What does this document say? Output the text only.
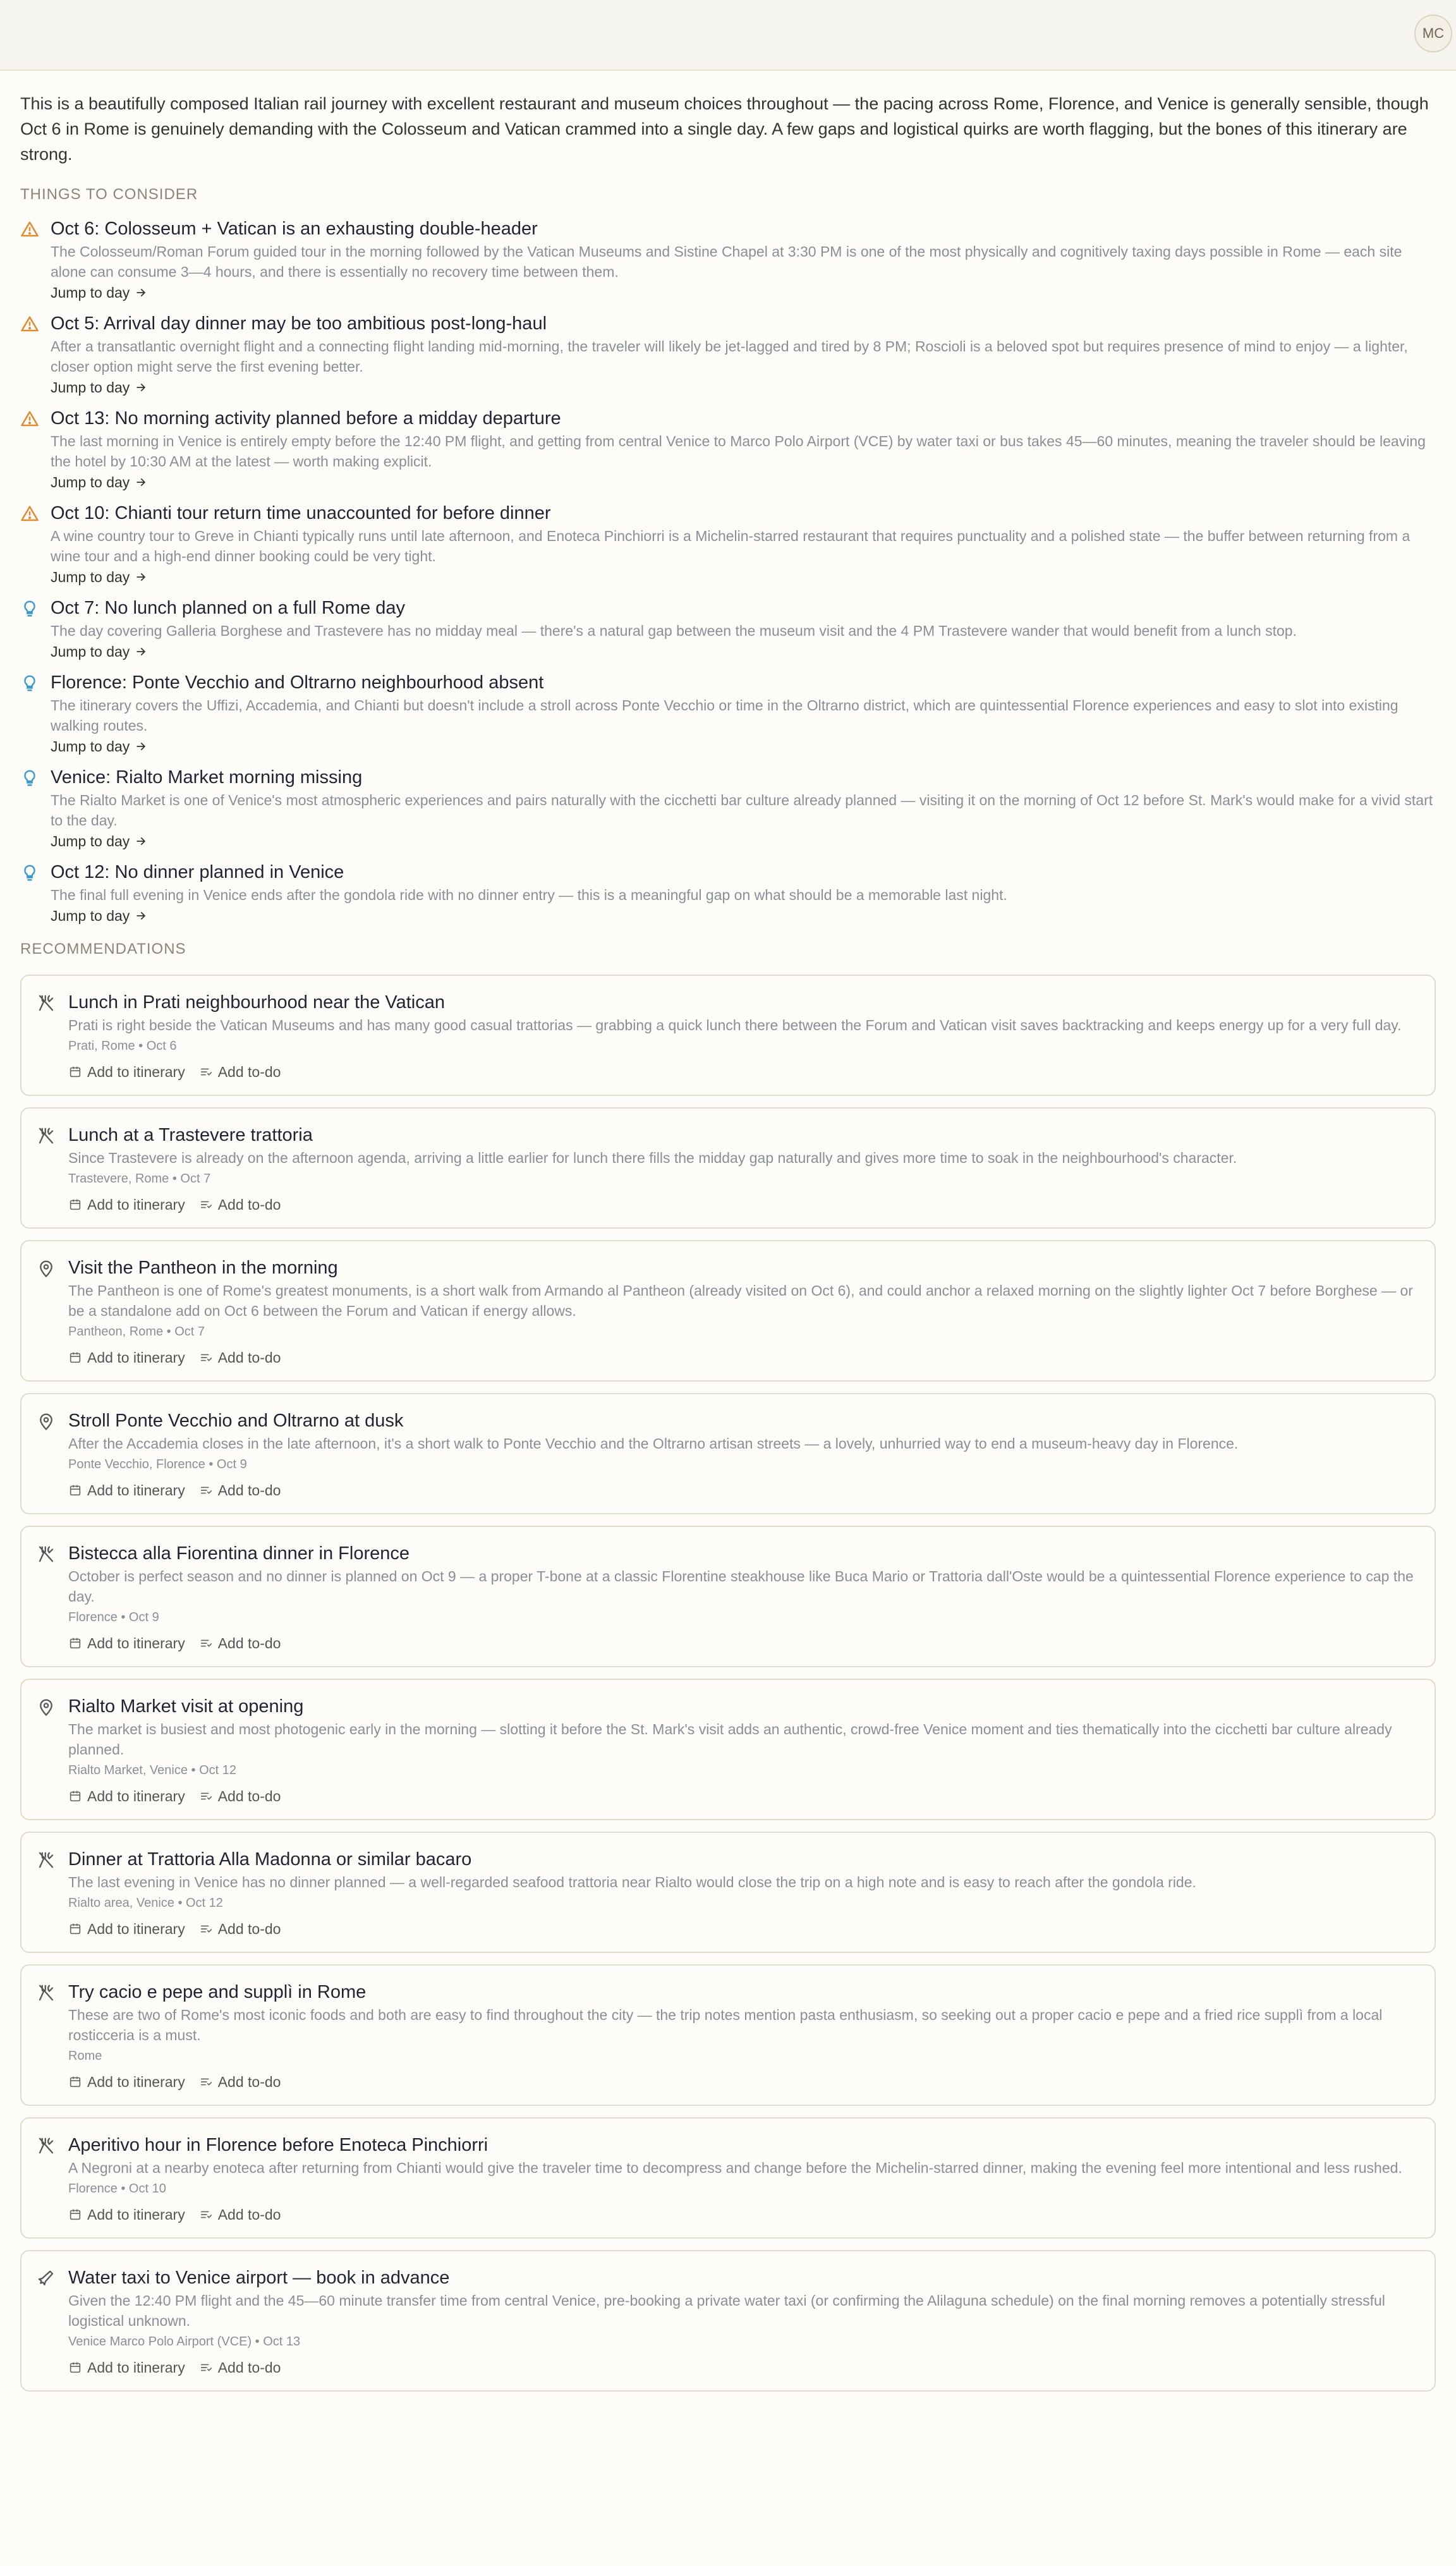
MC

This is a beautifully composed Italian rail journey with excellent restaurant and museum choices throughout — the pacing across Rome, Florence, and Venice is generally sensible, though Oct 6 in Rome is genuinely demanding with the Colosseum and Vatican crammed into a single day. A few gaps and logistical quirks are worth flagging, but the bones of this itinerary are strong.

THINGS TO CONSIDER
Oct 6: Colosseum + Vatican is an exhausting double-header
The Colosseum/Roman Forum guided tour in the morning followed by the Vatican Museums and Sistine Chapel at 3:30 PM is one of the most physically and cognitively taxing days possible in Rome — each site alone can consume 3—4 hours, and there is essentially no recovery time between them.
Jump to day
Oct 5: Arrival day dinner may be too ambitious post-long-haul
After a transatlantic overnight flight and a connecting flight landing mid-morning, the traveler will likely be jet-lagged and tired by 8 PM; Roscioli is a beloved spot but requires presence of mind to enjoy — a lighter, closer option might serve the first evening better.
Jump to day
Oct 13: No morning activity planned before a midday departure
The last morning in Venice is entirely empty before the 12:40 PM flight, and getting from central Venice to Marco Polo Airport (VCE) by water taxi or bus takes 45—60 minutes, meaning the traveler should be leaving the hotel by 10:30 AM at the latest — worth making explicit.
Jump to day
Oct 10: Chianti tour return time unaccounted for before dinner
A wine country tour to Greve in Chianti typically runs until late afternoon, and Enoteca Pinchiorri is a Michelin-starred restaurant that requires punctuality and a polished state — the buffer between returning from a wine tour and a high-end dinner booking could be very tight.
Jump to day
Oct 7: No lunch planned on a full Rome day
The day covering Galleria Borghese and Trastevere has no midday meal — there's a natural gap between the museum visit and the 4 PM Trastevere wander that would benefit from a lunch stop.
Jump to day
Florence: Ponte Vecchio and Oltrarno neighbourhood absent
The itinerary covers the Uffizi, Accademia, and Chianti but doesn't include a stroll across Ponte Vecchio or time in the Oltrarno district, which are quintessential Florence experiences and easy to slot into existing walking routes.
Jump to day
Venice: Rialto Market morning missing
The Rialto Market is one of Venice's most atmospheric experiences and pairs naturally with the cicchetti bar culture already planned — visiting it on the morning of Oct 12 before St. Mark's would make for a vivid start to the day.
Jump to day
Oct 12: No dinner planned in Venice
The final full evening in Venice ends after the gondola ride with no dinner entry — this is a meaningful gap on what should be a memorable last night.
Jump to day
RECOMMENDATIONS
Lunch in Prati neighbourhood near the Vatican
Prati is right beside the Vatican Museums and has many good casual trattorias — grabbing a quick lunch there between the Forum and Vatican visit saves backtracking and keeps energy up for a very full day.
Prati, Rome • Oct 6
Add to itinerary Add to-do
Lunch at a Trastevere trattoria
Since Trastevere is already on the afternoon agenda, arriving a little earlier for lunch there fills the midday gap naturally and gives more time to soak in the neighbourhood's character.
Trastevere, Rome • Oct 7
Add to itinerary Add to-do
Visit the Pantheon in the morning
The Pantheon is one of Rome's greatest monuments, is a short walk from Armando al Pantheon (already visited on Oct 6), and could anchor a relaxed morning on the slightly lighter Oct 7 before Borghese — or be a standalone add on Oct 6 between the Forum and Vatican if energy allows.
Pantheon, Rome • Oct 7
Add to itinerary Add to-do
Stroll Ponte Vecchio and Oltrarno at dusk
After the Accademia closes in the late afternoon, it's a short walk to Ponte Vecchio and the Oltrarno artisan streets — a lovely, unhurried way to end a museum-heavy day in Florence.
Ponte Vecchio, Florence • Oct 9
Add to itinerary Add to-do
Bistecca alla Fiorentina dinner in Florence
October is perfect season and no dinner is planned on Oct 9 — a proper T-bone at a classic Florentine steakhouse like Buca Mario or Trattoria dall'Oste would be a quintessential Florence experience to cap the day.
Florence • Oct 9
Add to itinerary Add to-do
Rialto Market visit at opening
The market is busiest and most photogenic early in the morning — slotting it before the St. Mark's visit adds an authentic, crowd-free Venice moment and ties thematically into the cicchetti bar culture already planned.
Rialto Market, Venice • Oct 12
Add to itinerary Add to-do
Dinner at Trattoria Alla Madonna or similar bacaro
The last evening in Venice has no dinner planned — a well-regarded seafood trattoria near Rialto would close the trip on a high note and is easy to reach after the gondola ride.
Rialto area, Venice • Oct 12
Add to itinerary Add to-do
Try cacio e pepe and supplì in Rome
These are two of Rome's most iconic foods and both are easy to find throughout the city — the trip notes mention pasta enthusiasm, so seeking out a proper cacio e pepe and a fried rice supplì from a local rosticceria is a must.
Rome
Add to itinerary Add to-do
Aperitivo hour in Florence before Enoteca Pinchiorri
A Negroni at a nearby enoteca after returning from Chianti would give the traveler time to decompress and change before the Michelin-starred dinner, making the evening feel more intentional and less rushed.
Florence • Oct 10
Add to itinerary Add to-do
Water taxi to Venice airport — book in advance
Given the 12:40 PM flight and the 45—60 minute transfer time from central Venice, pre-booking a private water taxi (or confirming the Alilaguna schedule) on the final morning removes a potentially stressful logistical unknown.
Venice Marco Polo Airport (VCE) • Oct 13
Add to itinerary Add to-do
